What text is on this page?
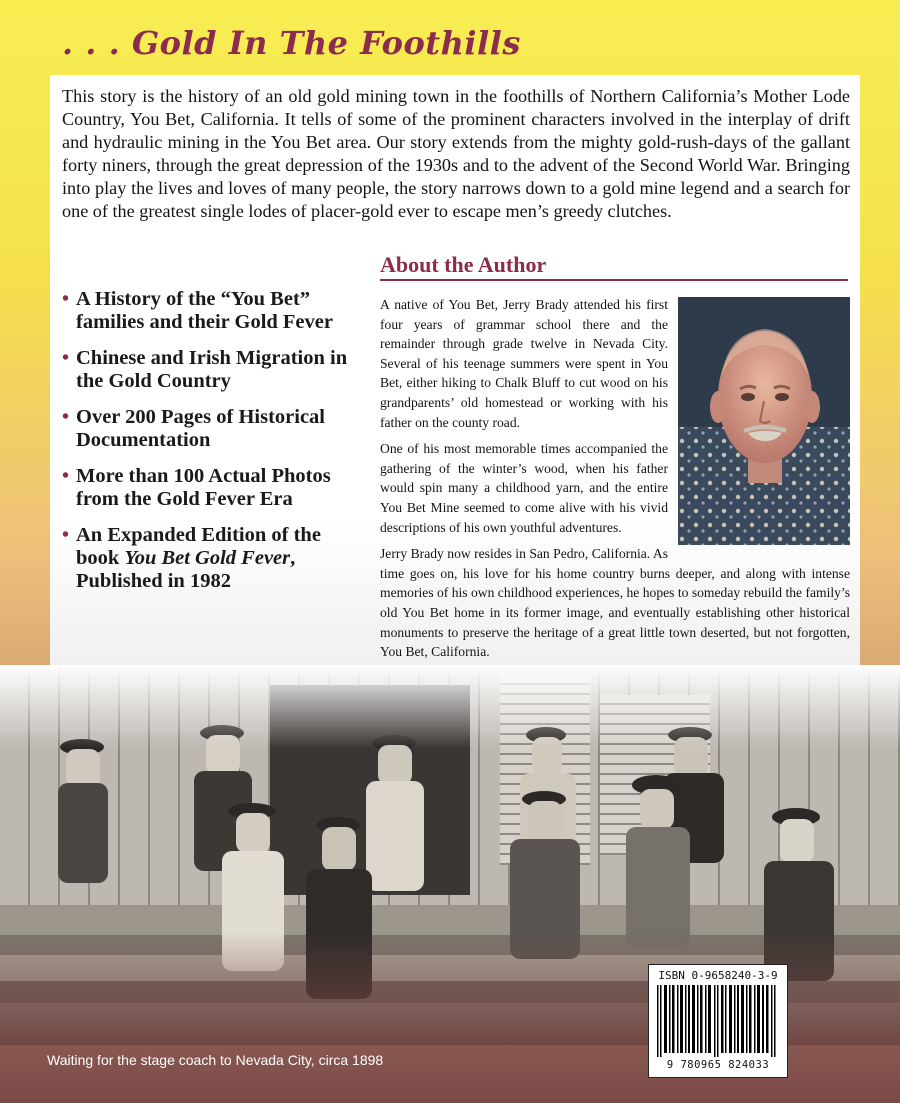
. . . Gold In The Foothills

This story is the history of an old gold mining town in the foothills of Northern California’s Mother Lode Country, You Bet, California. It tells of some of the prominent characters involved in the interplay of drift and hydraulic mining in the You Bet area. Our story extends from the mighty gold-rush-days of the gallant forty niners, through the great depression of the 1930s and to the advent of the Second World War. Bringing into play the lives and loves of many people, the story narrows down to a gold mine legend and a search for one of the greatest single lodes of placer-gold ever to escape men’s greedy clutches.

About the Author
• A History of the “You Bet” families and their Gold Fever
• Chinese and Irish Migration in the Gold Country
• Over 200 Pages of Historical Documentation
• More than 100 Actual Photos from the Gold Fever Era
• An Expanded Edition of the book You Bet Gold Fever, Published in 1982

A native of You Bet, Jerry Brady attended his first four years of grammar school there and the remainder through grade twelve in Nevada City. Several of his teenage summers were spent in You Bet, either hiking to Chalk Bluff to cut wood on his grandparents’ old homestead or working with his father on the county road.

One of his most memorable times accompanied the gathering of the winter’s wood, when his father would spin many a childhood yarn, and the entire You Bet Mine seemed to come alive with his vivid descriptions of his own youthful adventures.

Jerry Brady now resides in San Pedro, California. As time goes on, his love for his home country burns deeper, and along with intense memories of his own childhood experiences, he hopes to someday rebuild the family’s old You Bet home in its former image, and eventually establishing other historical monuments to preserve the heritage of a great little town deserted, but not forgotten, You Bet, California.

Waiting for the stage coach to Nevada City, circa 1898

ISBN 0-9658240-3-9

9 780965 824033
